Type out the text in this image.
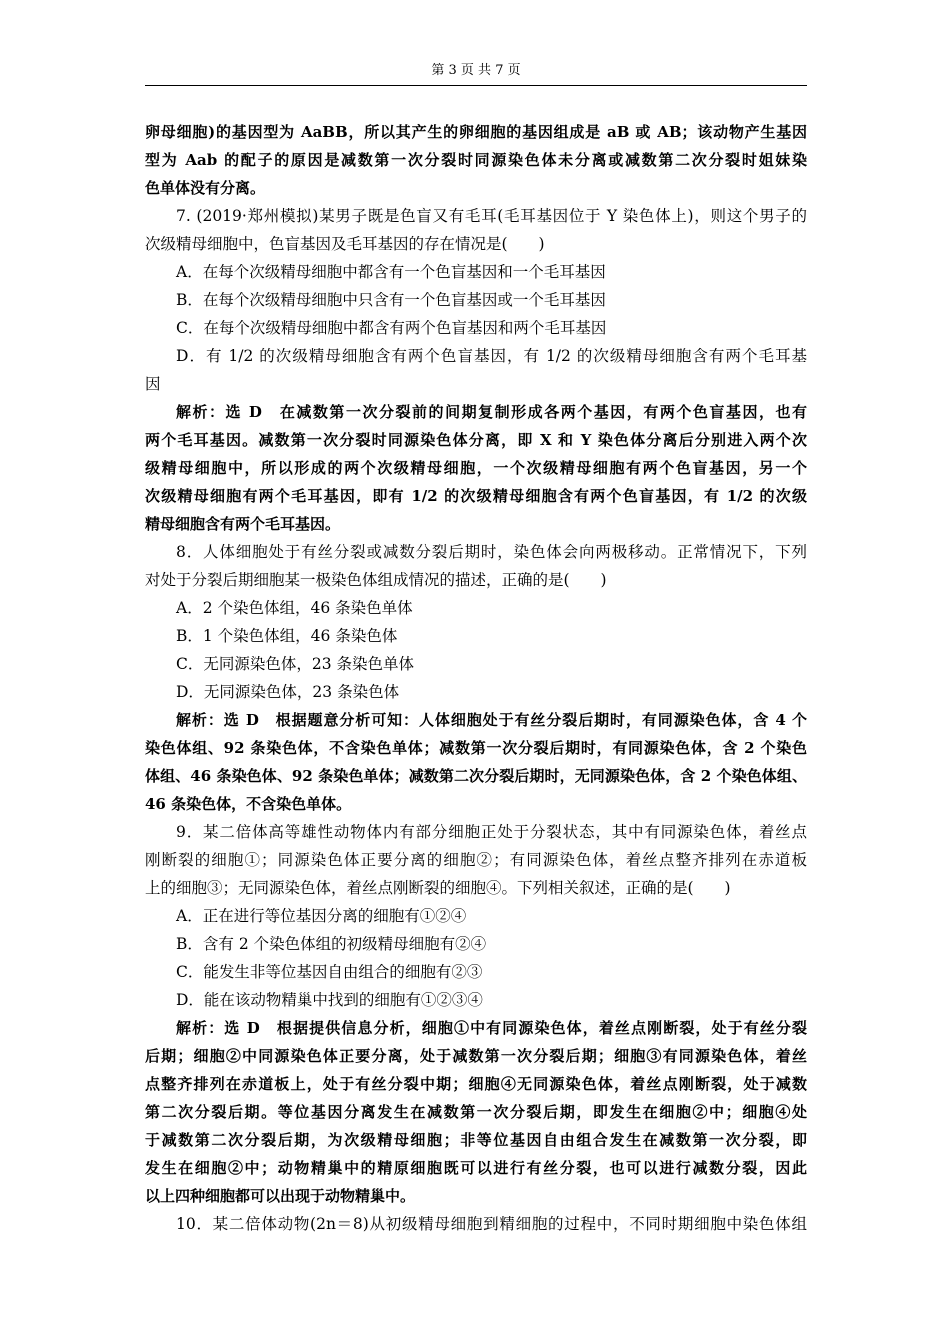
第 3 页 共 7 页
卵母细胞)的基因型为 AaBB，所以其产生的卵细胞的基因组成是 aB 或 AB；该动物产生基因
型为 Aab 的配子的原因是减数第一次分裂时同源染色体未分离或减数第二次分裂时姐妹染
色单体没有分离。
7. (2019·郑州模拟)某男子既是色盲又有毛耳(毛耳基因位于 Y 染色体上)，则这个男子的
次级精母细胞中，色盲基因及毛耳基因的存在情况是(　　)
A．在每个次级精母细胞中都含有一个色盲基因和一个毛耳基因
B．在每个次级精母细胞中只含有一个色盲基因或一个毛耳基因
C．在每个次级精母细胞中都含有两个色盲基因和两个毛耳基因
D．有 1/2 的次级精母细胞含有两个色盲基因，有 1/2 的次级精母细胞含有两个毛耳基
因
解析：选 D　在减数第一次分裂前的间期复制形成各两个基因，有两个色盲基因，也有
两个毛耳基因。减数第一次分裂时同源染色体分离，即 X 和 Y 染色体分离后分别进入两个次
级精母细胞中，所以形成的两个次级精母细胞，一个次级精母细胞有两个色盲基因，另一个
次级精母细胞有两个毛耳基因，即有 1/2 的次级精母细胞含有两个色盲基因，有 1/2 的次级
精母细胞含有两个毛耳基因。
8．人体细胞处于有丝分裂或减数分裂后期时，染色体会向两极移动。正常情况下，下列
对处于分裂后期细胞某一极染色体组成情况的描述，正确的是(　　)
A．2 个染色体组，46 条染色单体
B．1 个染色体组，46 条染色体
C．无同源染色体，23 条染色单体
D．无同源染色体，23 条染色体
解析：选 D　根据题意分析可知：人体细胞处于有丝分裂后期时，有同源染色体，含 4 个
染色体组、92 条染色体，不含染色单体；减数第一次分裂后期时，有同源染色体，含 2 个染色
体组、46 条染色体、92 条染色单体；减数第二次分裂后期时，无同源染色体，含 2 个染色体组、
46 条染色体，不含染色单体。
9．某二倍体高等雄性动物体内有部分细胞正处于分裂状态，其中有同源染色体，着丝点
刚断裂的细胞①；同源染色体正要分离的细胞②；有同源染色体，着丝点整齐排列在赤道板
上的细胞③；无同源染色体，着丝点刚断裂的细胞④。下列相关叙述，正确的是(　　)
A．正在进行等位基因分离的细胞有①②④
B．含有 2 个染色体组的初级精母细胞有②④
C．能发生非等位基因自由组合的细胞有②③
D．能在该动物精巢中找到的细胞有①②③④
解析：选 D　根据提供信息分析，细胞①中有同源染色体，着丝点刚断裂，处于有丝分裂
后期；细胞②中同源染色体正要分离，处于减数第一次分裂后期；细胞③有同源染色体，着丝
点整齐排列在赤道板上，处于有丝分裂中期；细胞④无同源染色体，着丝点刚断裂，处于减数
第二次分裂后期。等位基因分离发生在减数第一次分裂后期，即发生在细胞②中；细胞④处
于减数第二次分裂后期，为次级精母细胞；非等位基因自由组合发生在减数第一次分裂，即
发生在细胞②中；动物精巢中的精原细胞既可以进行有丝分裂，也可以进行减数分裂，因此
以上四种细胞都可以出现于动物精巢中。
10．某二倍体动物(2n＝8)从初级精母细胞到精细胞的过程中，不同时期细胞中染色体组
